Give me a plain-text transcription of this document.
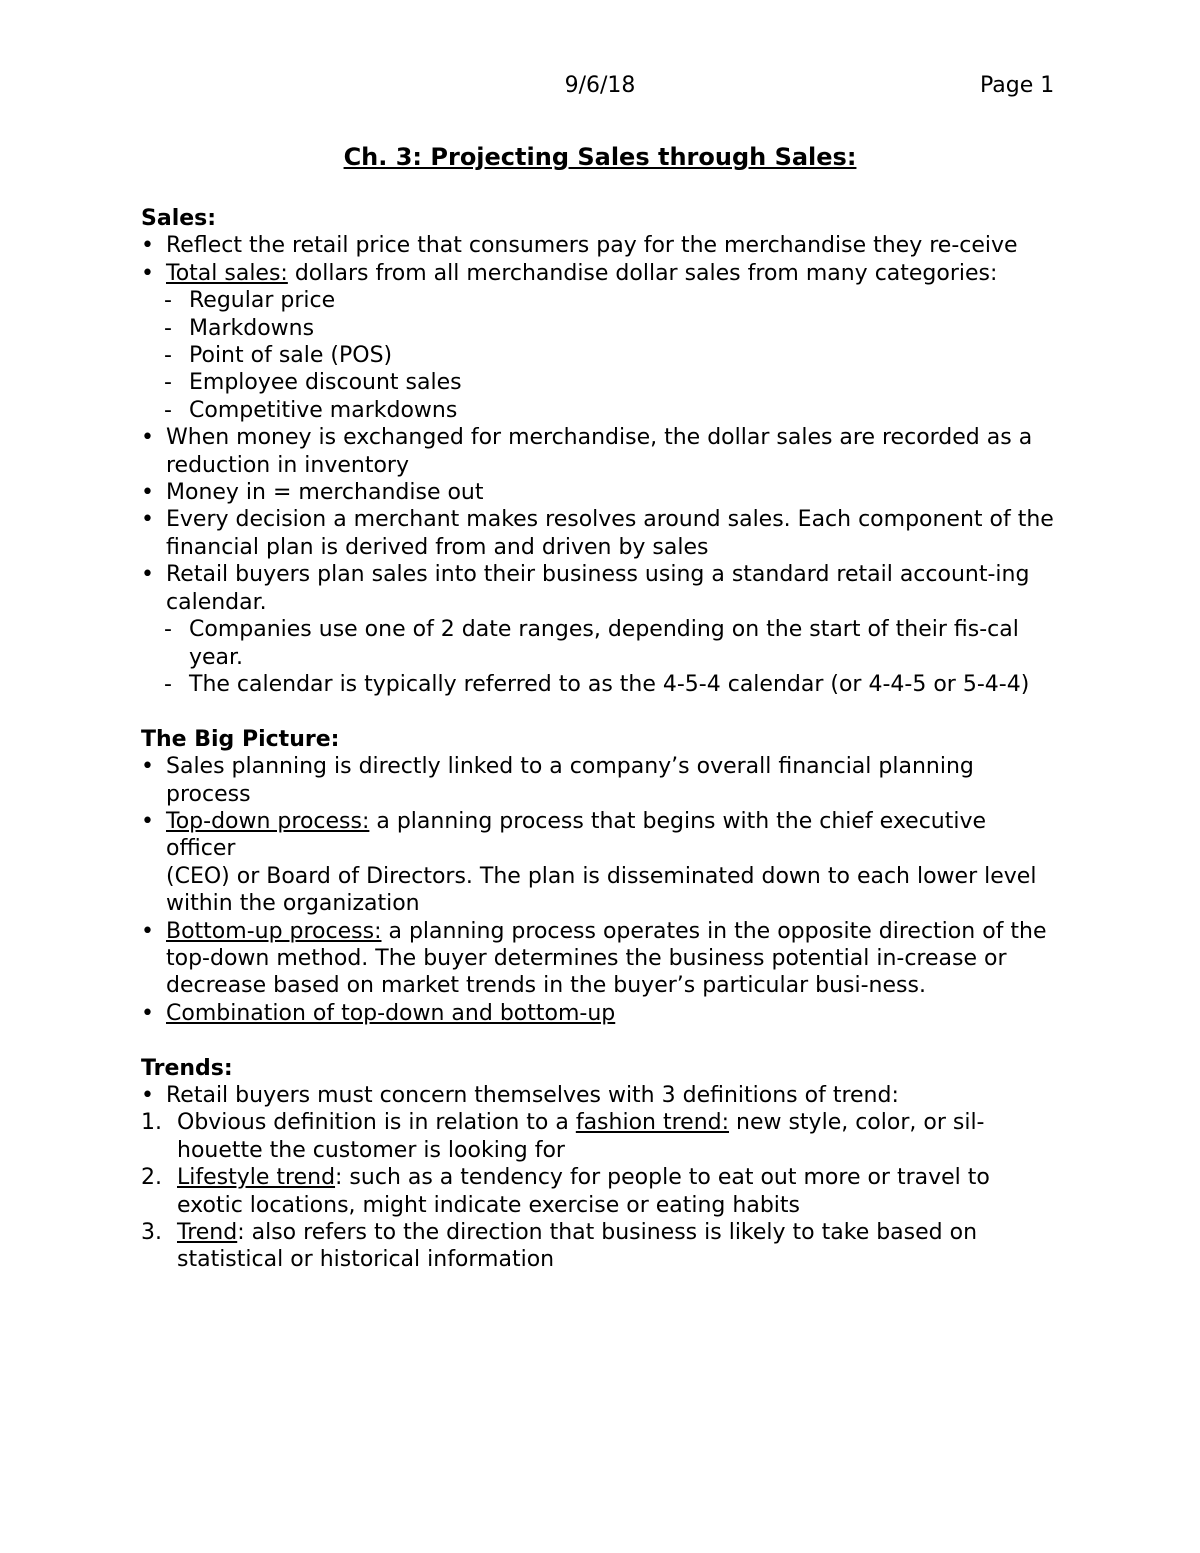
9/6/18	Page 1
Ch. 3: Projecting Sales through Sales:
Sales:
• Reflect the retail price that consumers pay for the merchandise they re-ceive
• Total sales: dollars from all merchandise dollar sales from many categories:
- Regular price
- Markdowns
- Point of sale (POS)
- Employee discount sales
- Competitive markdowns
• When money is exchanged for merchandise, the dollar sales are recorded as a reduction in inventory
• Money in = merchandise out
• Every decision a merchant makes resolves around sales. Each component of the financial plan is derived from and driven by sales
• Retail buyers plan sales into their business using a standard retail account-ing calendar.
- Companies use one of 2 date ranges, depending on the start of their fis-cal year.
- The calendar is typically referred to as the 4-5-4 calendar (or 4-4-5 or 5-4-4)
The Big Picture:
• Sales planning is directly linked to a company’s overall financial planning process
• Top-down process: a planning process that begins with the chief executive officer
(CEO) or Board of Directors. The plan is disseminated down to each lower level within the organization
• Bottom-up process: a planning process operates in the opposite direction of the top-down method. The buyer determines the business potential in-crease or decrease based on market trends in the buyer’s particular busi-ness.
• Combination of top-down and bottom-up
Trends:
• Retail buyers must concern themselves with 3 definitions of trend:
1. Obvious definition is in relation to a fashion trend: new style, color, or sil-houette the customer is looking for
2. Lifestyle trend: such as a tendency for people to eat out more or travel to exotic locations, might indicate exercise or eating habits
3. Trend: also refers to the direction that business is likely to take based on statistical or historical information
